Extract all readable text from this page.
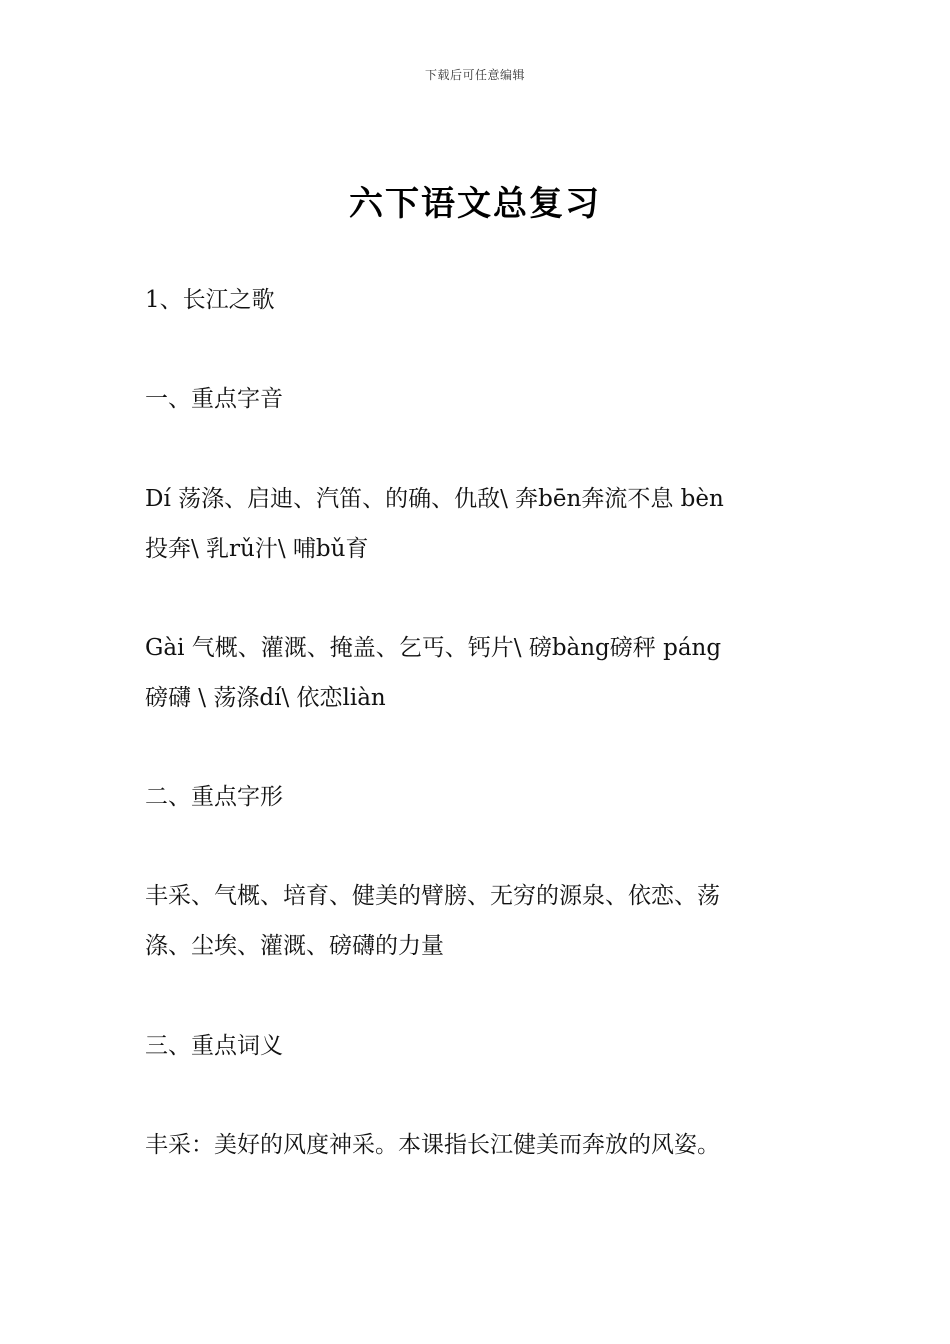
下载后可任意编辑
六下语文总复习

1、长江之歌

一、重点字音

Dí 荡涤、启迪、汽笛、的确、仇敌\ 奔bēn奔流不息 bèn
投奔\ 乳rǔ汁\ 哺bǔ育
Gài 气概、灌溉、掩盖、乞丐、钙片\ 磅bàng磅秤 páng
磅礴 \ 荡涤dí\ 依恋liàn

二、重点字形

丰采、气概、培育、健美的臂膀、无穷的源泉、依恋、荡
涤、尘埃、灌溉、磅礴的力量

三、重点词义

丰采：美好的风度神采。本课指长江健美而奔放的风姿。
